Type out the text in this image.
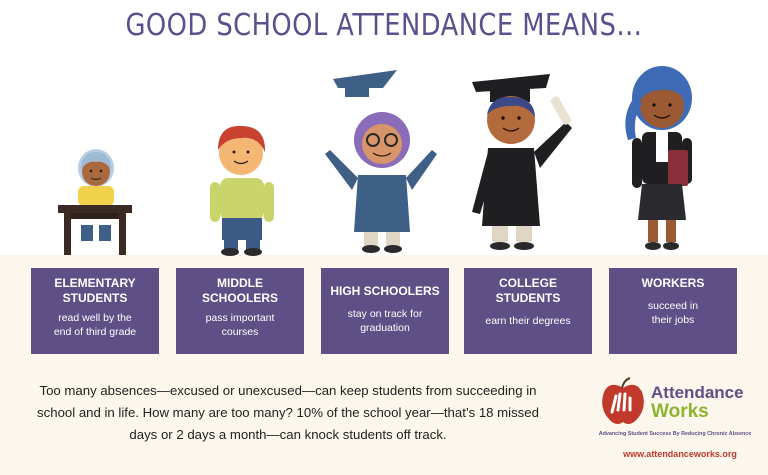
GOOD SCHOOL ATTENDANCE MEANS…
ELEMENTARY
STUDENTS
read well by the
end of third grade
MIDDLE
SCHOOLERS
pass important
courses
HIGH SCHOOLERS
stay on track for
graduation
COLLEGE
STUDENTS
earn their degrees
WORKERS
succeed in
their jobs
Too many absences—excused or unexcused—can keep students from succeeding in school and in life. How many are too many? 10% of the school year—that’s 18 missed days or 2 days a month—can knock students off track.
Attendance
Works
Advancing Student Success By Reducing Chronic Absence
www.attendanceworks.org
